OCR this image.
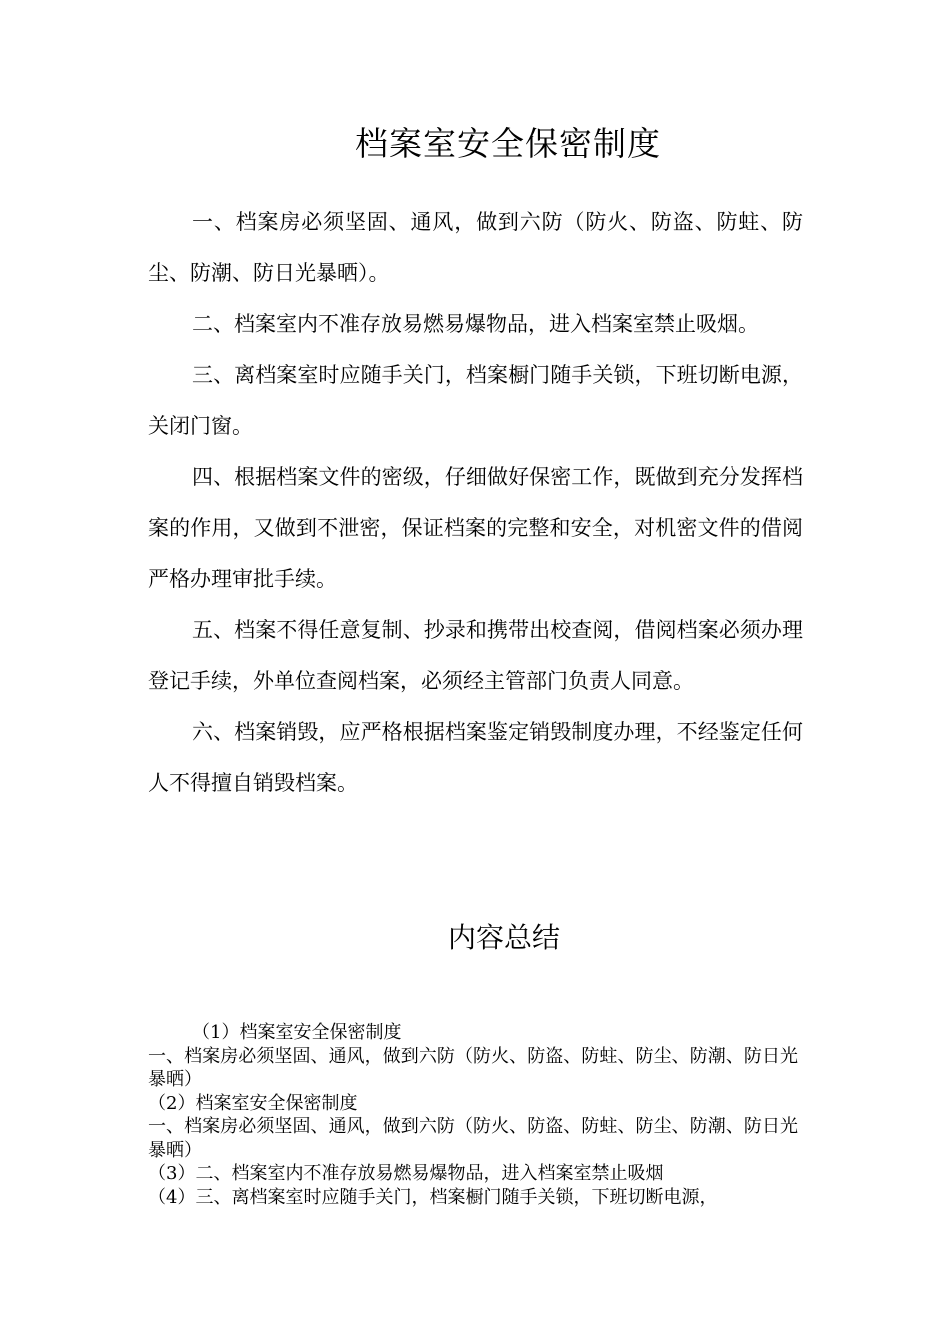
档案室安全保密制度

一、档案房必须坚固、通风，做到六防（防火、防盗、防蛀、防尘、防潮、防日光暴晒）。

二、档案室内不准存放易燃易爆物品，进入档案室禁止吸烟。

三、离档案室时应随手关门，档案橱门随手关锁，下班切断电源，关闭门窗。

四、根据档案文件的密级，仔细做好保密工作，既做到充分发挥档案的作用，又做到不泄密，保证档案的完整和安全，对机密文件的借阅严格办理审批手续。

五、档案不得任意复制、抄录和携带出校查阅，借阅档案必须办理登记手续，外单位查阅档案，必须经主管部门负责人同意。

六、档案销毁，应严格根据档案鉴定销毁制度办理，不经鉴定任何人不得擅自销毁档案。

内容总结

（1）档案室安全保密制度

一、档案房必须坚固、通风，做到六防（防火、防盗、防蛀、防尘、防潮、防日光暴晒）

（2）档案室安全保密制度

一、档案房必须坚固、通风，做到六防（防火、防盗、防蛀、防尘、防潮、防日光暴晒）

（3）二、档案室内不准存放易燃易爆物品，进入档案室禁止吸烟

（4）三、离档案室时应随手关门，档案橱门随手关锁，下班切断电源，
